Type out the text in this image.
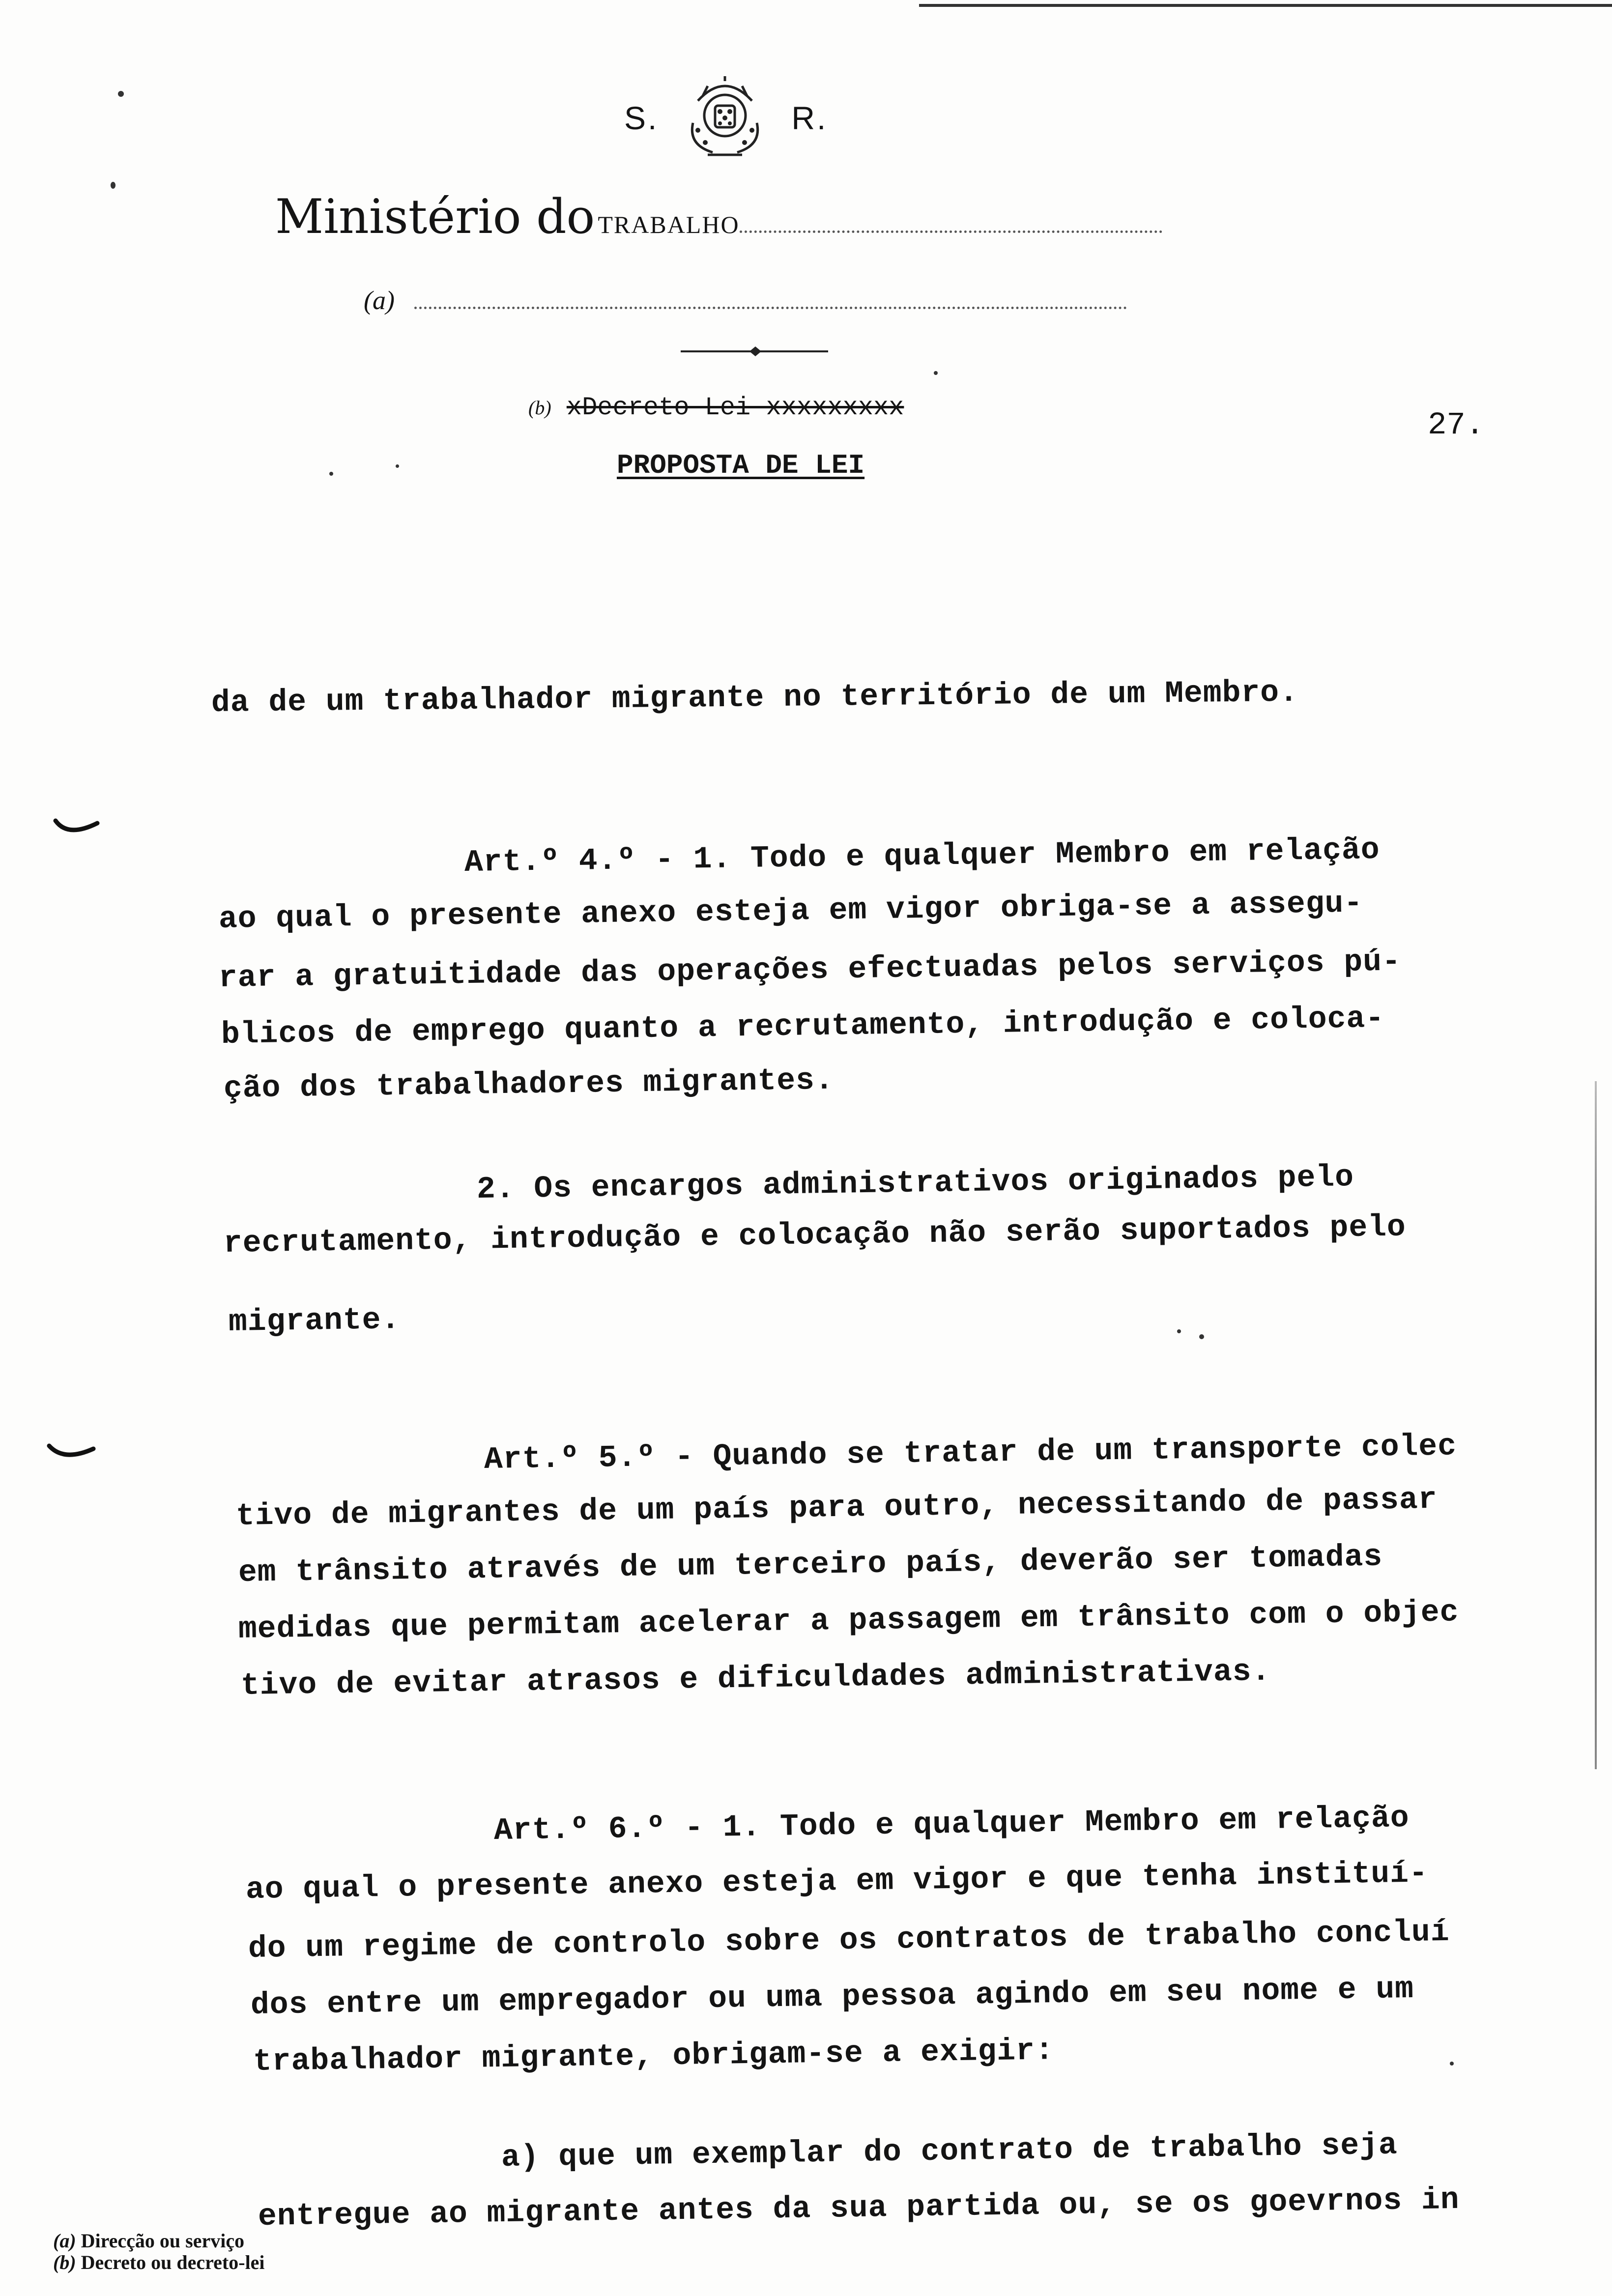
S.	R.
Ministério do TRABALHO
(a)
(b) xDecreto-Lei xxxxxxxxx
27.
PROPOSTA DE LEI
da de um trabalhador migrante no território de um Membro.
Art.º 4.º - 1. Todo e qualquer Membro em relação
ao qual o presente anexo esteja em vigor obriga-se a assegu-
rar a gratuitidade das operações efectuadas pelos serviços pú-
blicos de emprego quanto a recrutamento, introdução e coloca-
ção dos trabalhadores migrantes.
2. Os encargos administrativos originados pelo
recrutamento, introdução e colocação não serão suportados pelo
migrante.
Art.º 5.º - Quando se tratar de um transporte colec
tivo de migrantes de um país para outro, necessitando de passar
em trânsito através de um terceiro país, deverão ser tomadas
medidas que permitam acelerar a passagem em trânsito com o objec
tivo de evitar atrasos e dificuldades administrativas.
Art.º 6.º - 1. Todo e qualquer Membro em relação
ao qual o presente anexo esteja em vigor e que tenha instituí-
do um regime de controlo sobre os contratos de trabalho concluí
dos entre um empregador ou uma pessoa agindo em seu nome e um
trabalhador migrante, obrigam-se a exigir:
a) que um exemplar do contrato de trabalho seja
entregue ao migrante antes da sua partida ou, se os goevrnos in
(a) Direcção ou serviço
(b) Decreto ou decreto-lei
